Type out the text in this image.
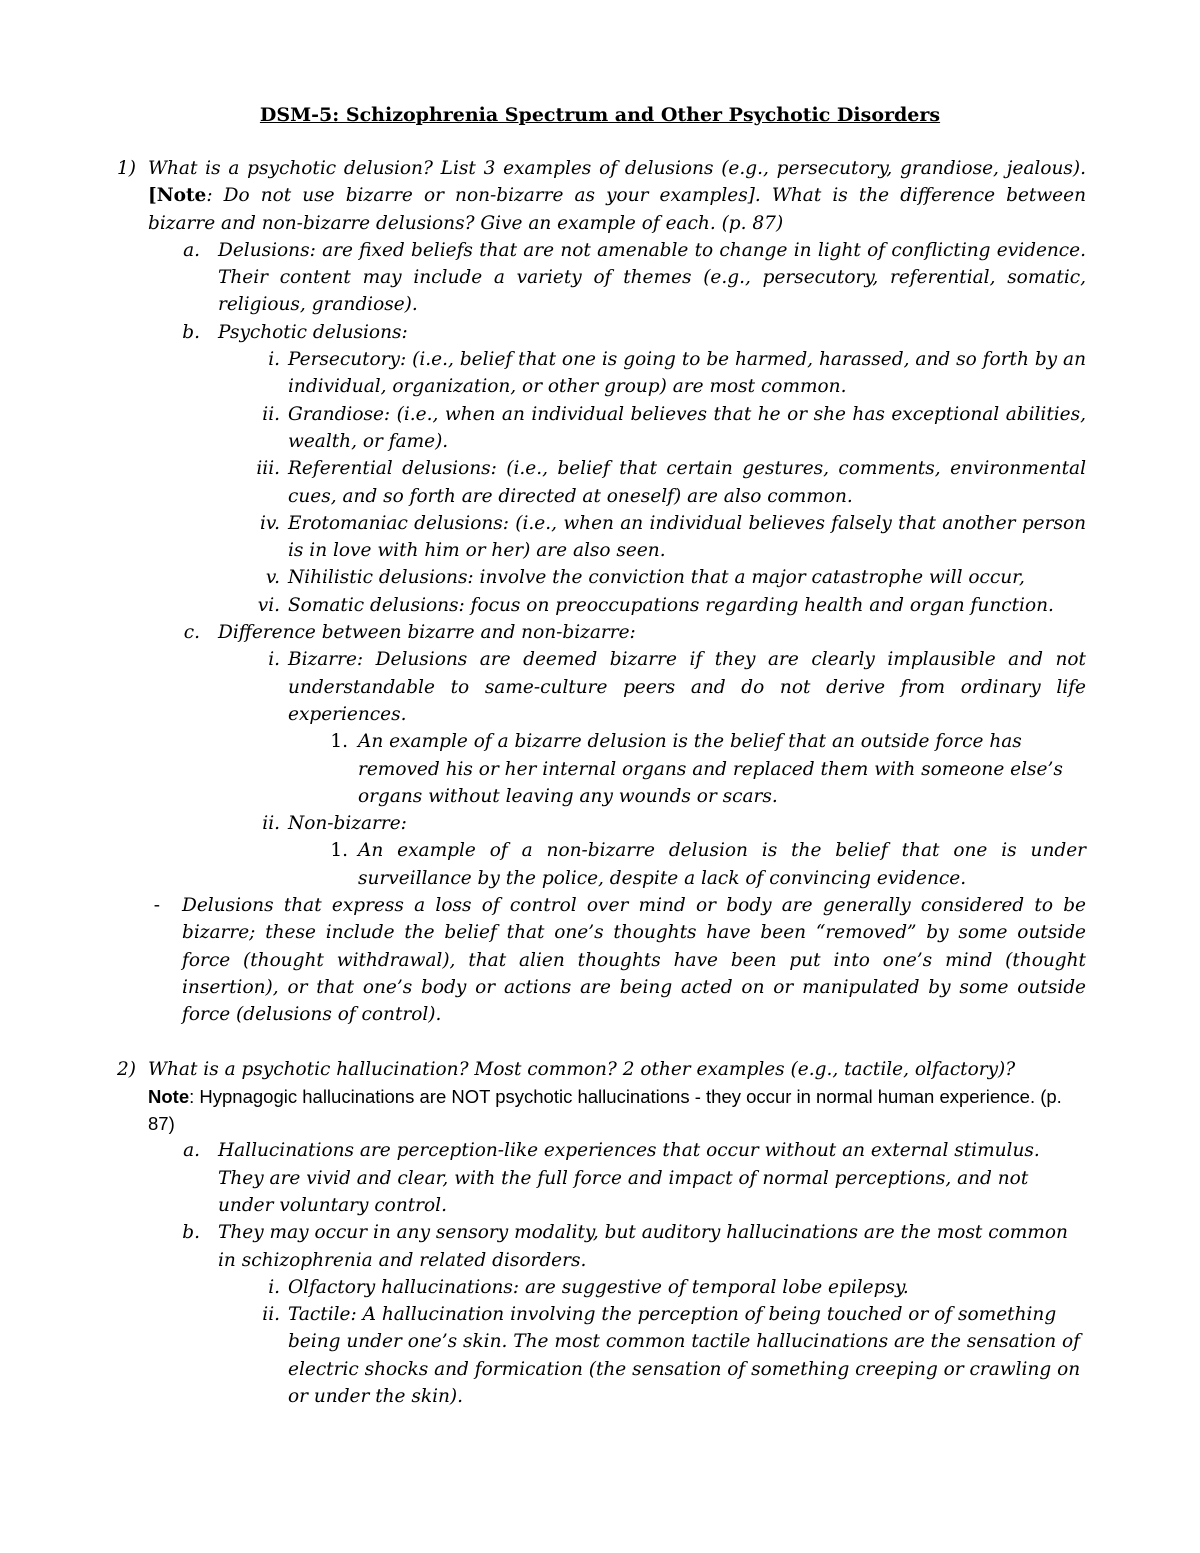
DSM-5: Schizophrenia Spectrum and Other Psychotic Disorders
1) What is a psychotic delusion? List 3 examples of delusions (e.g., persecutory, grandiose, jealous).
[Note: Do not use bizarre or non-bizarre as your examples]. What is the difference between bizarre and non-bizarre delusions? Give an example of each. (p. 87)
a. Delusions: are fixed beliefs that are not amenable to change in light of conflicting evidence. Their content may include a variety of themes (e.g., persecutory, referential, somatic, religious, grandiose).
b. Psychotic delusions:
i. Persecutory: (i.e., belief that one is going to be harmed, harassed, and so forth by an individual, organization, or other group) are most common.
ii. Grandiose: (i.e., when an individual believes that he or she has exceptional abilities, wealth, or fame).
iii. Referential delusions: (i.e., belief that certain gestures, comments, environmental cues, and so forth are directed at oneself) are also common.
iv. Erotomaniac delusions: (i.e., when an individual believes falsely that another person is in love with him or her) are also seen.
v. Nihilistic delusions: involve the conviction that a major catastrophe will occur,
vi. Somatic delusions: focus on preoccupations regarding health and organ function.
c. Difference between bizarre and non-bizarre:
i. Bizarre: Delusions are deemed bizarre if they are clearly implausible and not understandable to same-culture peers and do not derive from ordinary life experiences.
1. An example of a bizarre delusion is the belief that an outside force has removed his or her internal organs and replaced them with someone else’s organs without leaving any wounds or scars.
ii. Non-bizarre:
1. An example of a non-bizarre delusion is the belief that one is under surveillance by the police, despite a lack of convincing evidence.
- Delusions that express a loss of control over mind or body are generally considered to be bizarre; these include the belief that one’s thoughts have been “removed” by some outside force (thought withdrawal), that alien thoughts have been put into one’s mind (thought insertion), or that one’s body or actions are being acted on or manipulated by some outside force (delusions of control).
2) What is a psychotic hallucination? Most common? 2 other examples (e.g., tactile, olfactory)?
Note: Hypnagogic hallucinations are NOT psychotic hallucinations - they occur in normal human experience. (p. 87)
a. Hallucinations are perception-like experiences that occur without an external stimulus. They are vivid and clear, with the full force and impact of normal perceptions, and not under voluntary control.
b. They may occur in any sensory modality, but auditory hallucinations are the most common in schizophrenia and related disorders.
i. Olfactory hallucinations: are suggestive of temporal lobe epilepsy.
ii. Tactile: A hallucination involving the perception of being touched or of something being under one’s skin. The most common tactile hallucinations are the sensation of electric shocks and formication (the sensation of something creeping or crawling on or under the skin).
